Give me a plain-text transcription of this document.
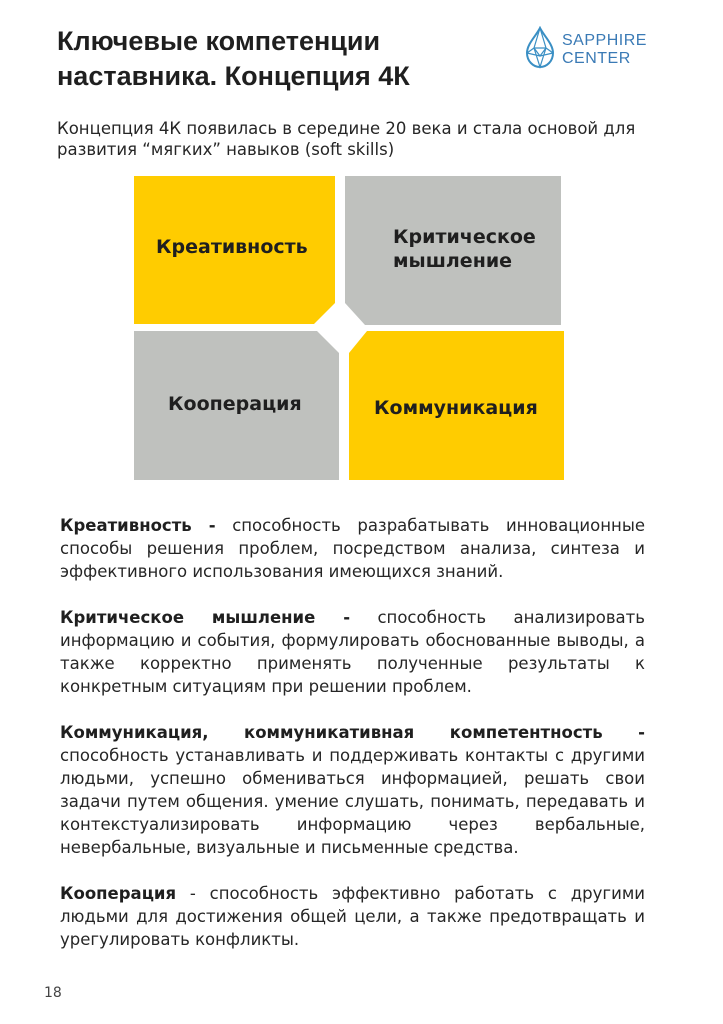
Ключевые компетенции
наставника. Концепция 4К
SAPPHIRE
CENTER

Концепция 4К появилась в середине 20 века и стала основой для развития “мягких” навыков (soft skills)

Креативность	Критическое
мышление
Кооперация	Коммуникация

Креативность - способность разрабатывать инновационные способы решения проблем, посредством анализа, синтеза и эффективного использования имеющихся знаний.

Критическое мышление - способность анализировать информацию и события, формулировать обоснованные выводы, а также корректно применять полученные результаты к конкретным ситуациям при решении проблем.

Коммуникация, коммуникативная компетентность - способность устанавливать и поддерживать контакты с другими людьми, успешно обмениваться информацией, решать свои задачи путем общения. умение слушать, понимать, передавать и контекстуализировать информацию через вербальные, невербальные, визуальные и письменные средства.

Кооперация - способность эффективно работать с другими людьми для достижения общей цели, а также предотвращать и урегулировать конфликты.

18
